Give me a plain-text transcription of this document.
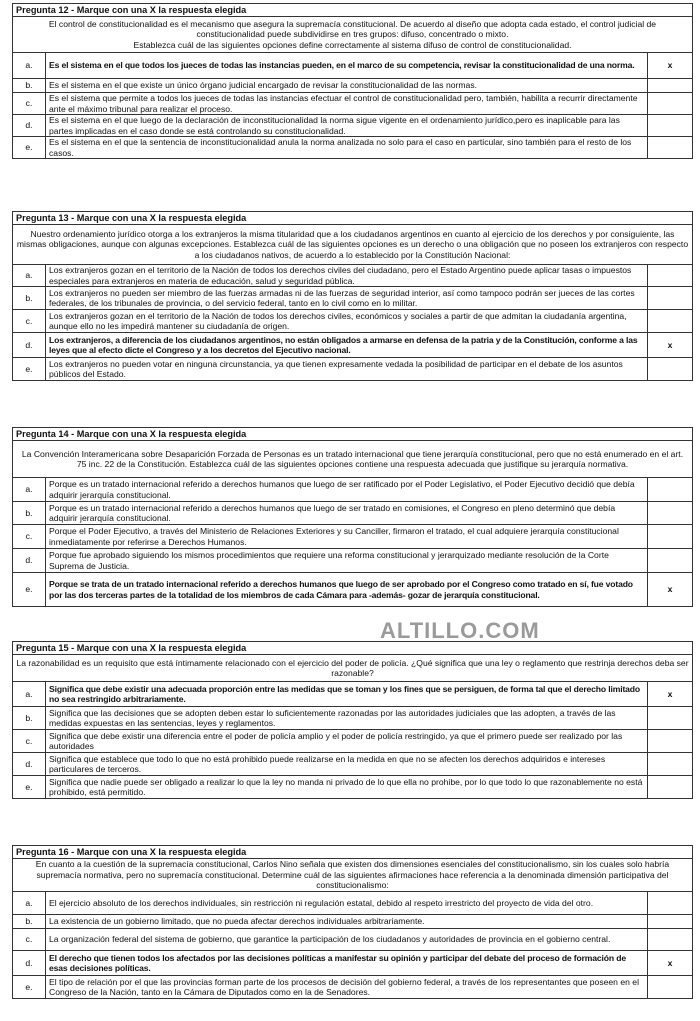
Pregunta 12 - Marque con una X la respuesta elegida		

El control de constitucionalidad es el mecanismo que asegura la supremacía constitucional. De acuerdo al diseño que adopta cada estado, el control judicial de constitucionalidad puede subdividirse en tres grupos: difuso, concentrado o mixto.
Establezca cuál de las siguientes opciones define correctamente al sistema difuso de control de constitucionalidad.		

a.	Es el sistema en el que todos los jueces de todas las instancias pueden, en el marco de su competencia, revisar la constitucionalidad de una norma.	x
b.	Es el sistema en el que existe un único órgano judicial encargado de revisar la constitucionalidad de las normas.	
c.	Es el sistema que permite a todos los jueces de todas las instancias efectuar el control de constitucionalidad pero, también, habilita a recurrir directamente ante el máximo tribunal para realizar el proceso.	
d.	Es el sistema en el que luego de la declaración de inconstitucionalidad la norma sigue vigente en el ordenamiento jurídico,pero es inaplicable para las partes implicadas en el caso donde se está controlando su constitucionalidad.	
e.	Es el sistema en el que la sentencia de inconstitucionalidad anula la norma analizada no solo para el caso en particular, sino también para el resto de los casos.	
Pregunta 13 - Marque con una X la respuesta elegida		

Nuestro ordenamiento jurídico otorga a los extranjeros la misma titularidad que a los ciudadanos argentinos en cuanto al ejercicio de los derechos y por consiguiente, las mismas obligaciones, aunque con algunas excepciones. Establezca cuál de las siguientes opciones es un derecho o una obligación que no poseen los extranjeros con respecto a los ciudadanos nativos, de acuerdo a lo establecido por la Constitución Nacional:		

a.	Los extranjeros gozan en el territorio de la Nación de todos los derechos civiles del ciudadano, pero el Estado Argentino puede aplicar tasas o impuestos especiales para extranjeros en materia de educación, salud y seguridad pública.	
b.	Los extranjeros no pueden ser miembro de las fuerzas armadas ni de las fuerzas de seguridad interior, así como tampoco podrán ser jueces de las cortes federales, de los tribunales de provincia, o del servicio federal, tanto en lo civil como en lo militar.	
c.	Los extranjeros gozan en el territorio de la Nación de todos los derechos civiles, económicos y sociales a partir de que admitan la ciudadanía argentina, aunque ello no les impedirá mantener su ciudadanía de origen.	
d.	Los extranjeros, a diferencia de los ciudadanos argentinos, no están obligados a armarse en defensa de la patria y de la Constitución, conforme a las leyes que al efecto dicte el Congreso y a los decretos del Ejecutivo nacional.	x
e.	Los extranjeros no pueden votar en ninguna circunstancia, ya que tienen expresamente vedada la posibilidad de participar en el debate de los asuntos públicos del Estado.	
Pregunta 14 - Marque con una X la respuesta elegida		

La Convención Interamericana sobre Desaparición Forzada de Personas es un tratado internacional que tiene jerarquía constitucional, pero que no está enumerado en el art. 75 inc. 22 de la Constitución. Establezca cuál de las siguientes opciones contiene una respuesta adecuada que justifique su jerarquía normativa.		

a.	Porque es un tratado internacional referido a derechos humanos que luego de ser ratificado por el Poder Legislativo, el Poder Ejecutivo decidió que debía adquirir jerarquía constitucional.	
b.	Porque es un tratado internacional referido a derechos humanos que luego de ser tratado en comisiones, el Congreso en pleno determinó que debía adquirir jerarquía constitucional.	
c.	Porque el Poder Ejecutivo, a través del Ministerio de Relaciones Exteriores y su Canciller, firmaron el tratado, el cual adquiere jerarquía constitucional inmediatamente por referirse a Derechos Humanos.	
d.	Porque fue aprobado siguiendo los mismos procedimientos que requiere una reforma constitucional y jerarquizado mediante resolución de la Corte Suprema de Justicia.	
e.	Porque se trata de un tratado internacional referido a derechos humanos que luego de ser aprobado por el Congreso como tratado en sí, fue votado por las dos terceras partes de la totalidad de los miembros de cada Cámara para -además- gozar de jerarquía constitucional.	x
Pregunta 15 - Marque con una X la respuesta elegida		

La razonabilidad es un requisito que está íntimamente relacionado con el ejercicio del poder de policía. ¿Qué significa que una ley o reglamento que restrinja derechos deba ser razonable?		

a.	Significa que debe existir una adecuada proporción entre las medidas que se toman y los fines que se persiguen, de forma tal que el derecho limitado no sea restringido arbitrariamente.	x
b.	Significa que las decisiones que se adopten deben estar lo suficientemente razonadas por las autoridades judiciales que las adopten, a través de las medidas expuestas en las sentencias, leyes y reglamentos.	
c.	Significa que debe existir una diferencia entre el poder de policía amplio y el poder de policía restringido, ya que el primero puede ser realizado por las autoridades	
d.	Significa que establece que todo lo que no está prohibido puede realizarse en la medida en que no se afecten los derechos adquiridos e intereses particulares de terceros.	
e.	Significa que nadie puede ser obligado a realizar lo que la ley no manda ni privado de lo que ella no prohibe, por lo que todo lo que razonablemente no está prohibido, está permitido.	
Pregunta 16 - Marque con una X la respuesta elegida		

En cuanto a la cuestión de la supremacía constitucional, Carlos Nino señala que existen dos dimensiones esenciales del constitucionalismo, sin los cuales solo habría supremacía normativa, pero no supremacía constitucional. Determine cuál de las siguientes afirmaciones hace referencia a la denominada dimensión participativa del constitucionalismo:		

a.	El ejercicio absoluto de los derechos individuales, sin restricción ni regulación estatal, debido al respeto irrestricto del proyecto de vida del otro.	
b.	La existencia de un gobierno limitado, que no pueda afectar derechos individuales arbitrariamente.	
c.	La organización federal del sistema de gobierno, que garantice la participación de los ciudadanos y autoridades de provincia en el gobierno central.	
d.	El derecho que tienen todos los afectados por las decisiones políticas a manifestar su opinión y participar del debate del proceso de formación de esas decisiones políticas.	x
e.	El tipo de relación por el que las provincias forman parte de los procesos de decisión del gobierno federal, a través de los representantes que poseen en el Congreso de la Nación, tanto en la Cámara de Diputados como en la de Senadores.	
ALTILLO.COM
